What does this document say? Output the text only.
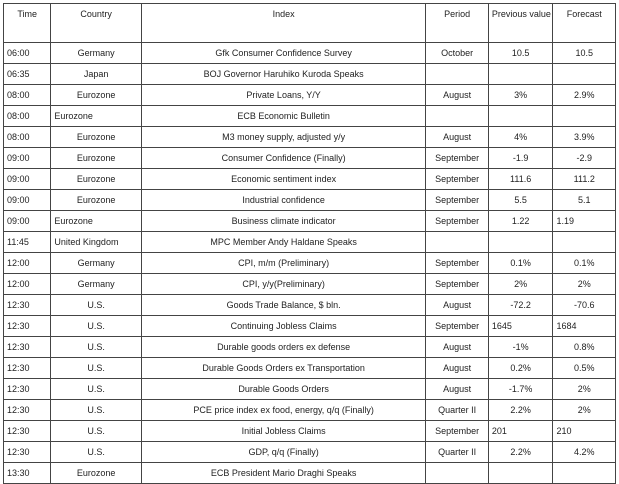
Time	Country	Index	Period	Previous value	Forecast
06:00	Germany	Gfk Consumer Confidence Survey	October	10.5	10.5
06:35	Japan	BOJ Governor Haruhiko Kuroda Speaks			
08:00	Eurozone	Private Loans, Y/Y	August	3%	2.9%
08:00	Eurozone	ECB Economic Bulletin			
08:00	Eurozone	M3 money supply, adjusted y/y	August	4%	3.9%
09:00	Eurozone	Consumer Confidence (Finally)	September	-1.9	-2.9
09:00	Eurozone	Economic sentiment index	September	111.6	111.2
09:00	Eurozone	Industrial confidence	September	5.5	5.1
09:00	Eurozone	Business climate indicator	September	1.22	1.19
11:45	United Kingdom	MPC Member Andy Haldane Speaks			
12:00	Germany	CPI, m/m (Preliminary)	September	0.1%	0.1%
12:00	Germany	CPI, y/y(Preliminary)	September	2%	2%
12:30	U.S.	Goods Trade Balance, $ bln.	August	-72.2	-70.6
12:30	U.S.	Continuing Jobless Claims	September	1645	1684
12:30	U.S.	Durable goods orders ex defense	August	-1%	0.8%
12:30	U.S.	Durable Goods Orders ex Transportation	August	0.2%	0.5%
12:30	U.S.	Durable Goods Orders	August	-1.7%	2%
12:30	U.S.	PCE price index ex food, energy, q/q (Finally)	Quarter II	2.2%	2%
12:30	U.S.	Initial Jobless Claims	September	201	210
12:30	U.S.	GDP, q/q (Finally)	Quarter II	2.2%	4.2%
13:30	Eurozone	ECB President Mario Draghi Speaks			
